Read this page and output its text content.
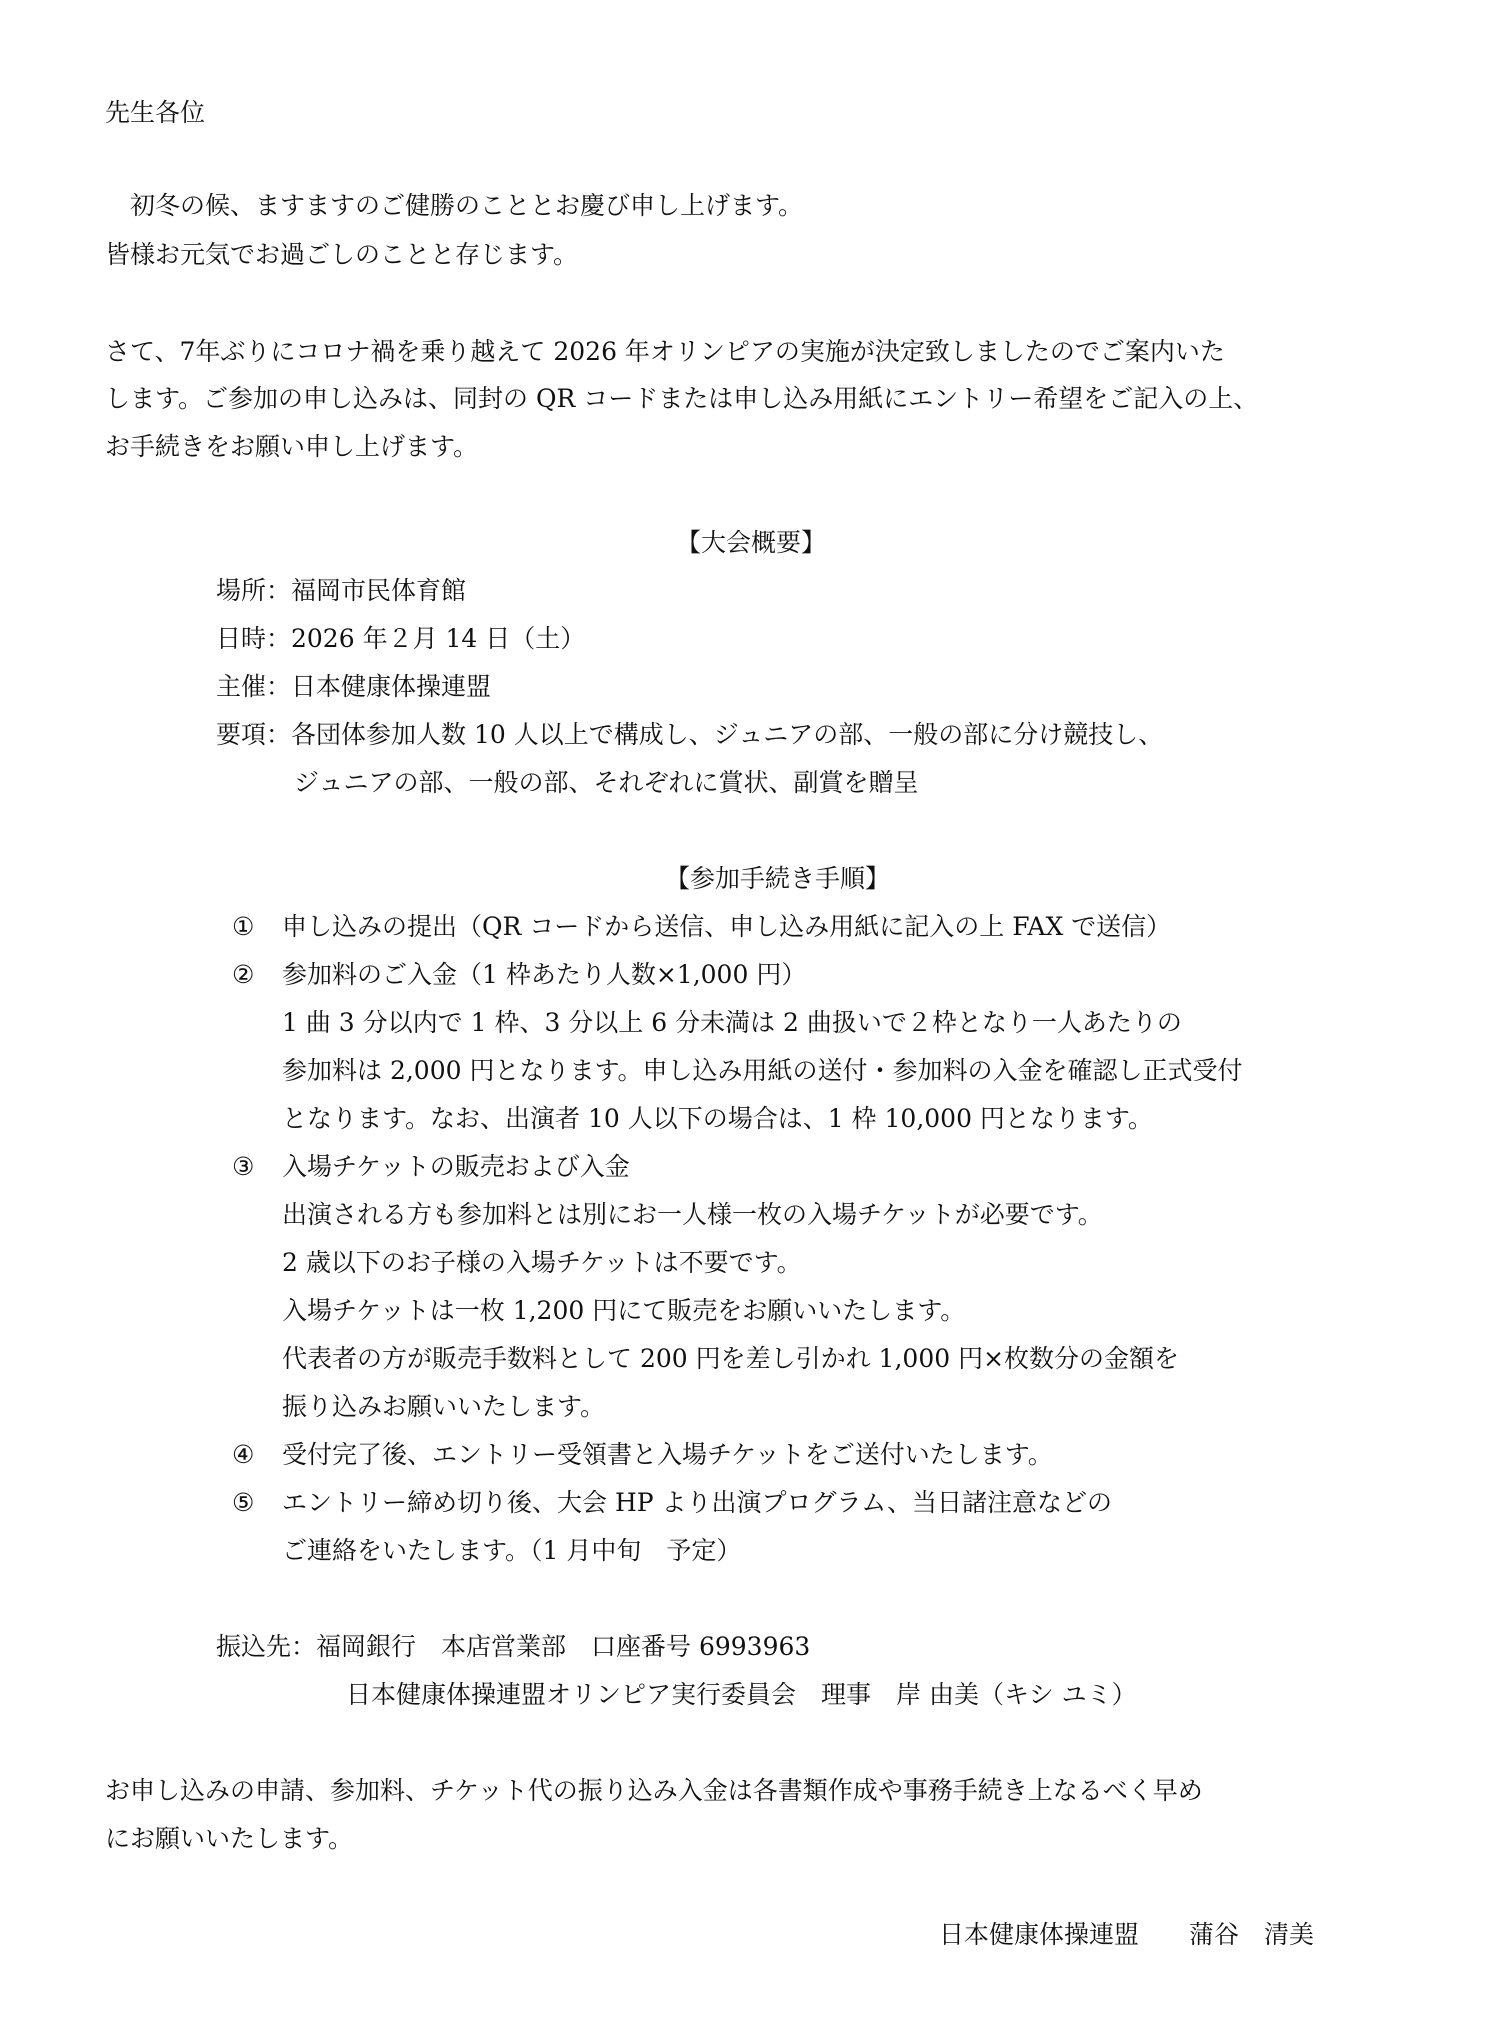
先生各位
　初冬の候、ますますのご健勝のこととお慶び申し上げます。
皆様お元気でお過ごしのことと存じます。
さて、7年ぶりにコロナ禍を乗り越えて 2026 年オリンピアの実施が決定致しましたのでご案内いた
します。ご参加の申し込みは、同封の QR コードまたは申し込み用紙にエントリー希望をご記入の上、
お手続きをお願い申し上げます。
【大会概要】
場所：福岡市民体育館
日時：2026 年２月 14 日（土）
主催：日本健康体操連盟
要項：各団体参加人数 10 人以上で構成し、ジュニアの部、一般の部に分け競技し、
ジュニアの部、一般の部、それぞれに賞状、副賞を贈呈
【参加手続き手順】
① 申し込みの提出（QR コードから送信、申し込み用紙に記入の上 FAX で送信）
② 参加料のご入金（1 枠あたり人数×1,000 円）
1 曲 3 分以内で 1 枠、3 分以上 6 分未満は 2 曲扱いで２枠となり一人あたりの
参加料は 2,000 円となります。申し込み用紙の送付・参加料の入金を確認し正式受付
となります。なお、出演者 10 人以下の場合は、1 枠 10,000 円となります。
③ 入場チケットの販売および入金
出演される方も参加料とは別にお一人様一枚の入場チケットが必要です。
2 歳以下のお子様の入場チケットは不要です。
入場チケットは一枚 1,200 円にて販売をお願いいたします。
代表者の方が販売手数料として 200 円を差し引かれ 1,000 円×枚数分の金額を
振り込みお願いいたします。
④ 受付完了後、エントリー受領書と入場チケットをご送付いたします。
⑤ エントリー締め切り後、大会 HP より出演プログラム、当日諸注意などの
ご連絡をいたします。（1 月中旬　予定）
振込先：福岡銀行　本店営業部　口座番号 6993963
日本健康体操連盟オリンピア実行委員会　理事　岸 由美（キシ ユミ）
お申し込みの申請、参加料、チケット代の振り込み入金は各書類作成や事務手続き上なるべく早め
にお願いいたします。
日本健康体操連盟　　蒲谷　清美
